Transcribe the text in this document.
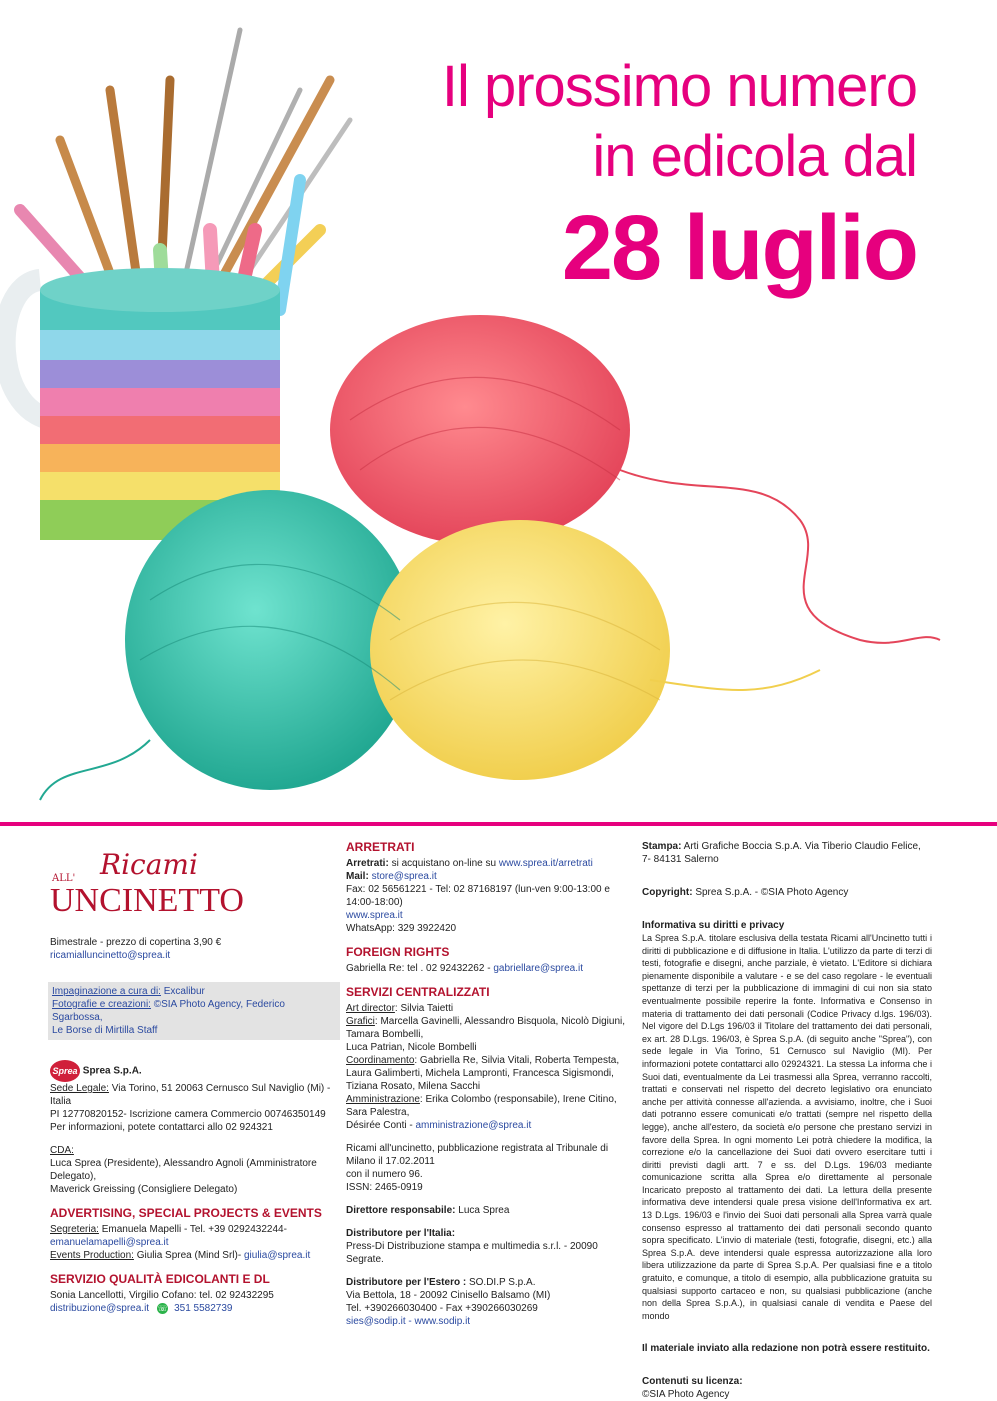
Il prossimo numero
in edicola dal
28 luglio
ALL' Ricami
UNCINETTO

Bimestrale - prezzo di copertina 3,90 €

ricamialluncinetto@sprea.it

Impaginazione a cura di: Excalibur

Fotografie e creazioni: ©SIA Photo Agency, Federico Sgarbossa,

Le Borse di Mirtilla Staff

Sprea Sprea S.p.A.

Sede Legale: Via Torino, 51 20063 Cernusco Sul Naviglio (Mi) - Italia

PI 12770820152- Iscrizione camera Commercio 00746350149

Per informazioni, potete contattarci allo 02 924321

CDA:

Luca Sprea (Presidente), Alessandro Agnoli (Amministratore Delegato),

Maverick Greissing (Consigliere Delegato)

ADVERTISING, SPECIAL PROJECTS & EVENTS

Segreteria: Emanuela Mapelli - Tel. +39 0292432244- emanuelamapelli@sprea.it

Events Production: Giulia Sprea (Mind Srl)- giulia@sprea.it

SERVIZIO QUALITÀ EDICOLANTI E DL

Sonia Lancellotti, Virgilio Cofano: tel. 02 92432295

distribuzione@sprea.it ☏ 351 5582739

ARRETRATI

Arretrati: si acquistano on-line su www.sprea.it/arretrati

Mail: store@sprea.it

Fax: 02 56561221 - Tel: 02 87168197 (lun-ven 9:00-13:00 e 14:00-18:00)

www.sprea.it

WhatsApp: 329 3922420

FOREIGN RIGHTS

Gabriella Re: tel . 02 92432262 - gabriellare@sprea.it

SERVIZI CENTRALIZZATI

Art director: Silvia Taietti

Grafici: Marcella Gavinelli, Alessandro Bisquola, Nicolò Digiuni, Tamara Bombelli,

Luca Patrian, Nicole Bombelli

Coordinamento: Gabriella Re, Silvia Vitali, Roberta Tempesta,

Laura Galimberti, Michela Lampronti, Francesca Sigismondi,

Tiziana Rosato, Milena Sacchi

Amministrazione: Erika Colombo (responsabile), Irene Citino, Sara Palestra,

Désirée Conti - amministrazione@sprea.it

Ricami all'uncinetto, pubblicazione registrata al Tribunale di Milano il 17.02.2011

con il numero 96.

ISSN: 2465-0919

Direttore responsabile: Luca Sprea

Distributore per l'Italia:

Press-Di Distribuzione stampa e multimedia s.r.l. - 20090 Segrate.

Distributore per l'Estero : SO.DI.P S.p.A.

Via Bettola, 18 - 20092 Cinisello Balsamo (MI)

Tel. +390266030400 - Fax +390266030269

sies@sodip.it - www.sodip.it

Stampa: Arti Grafiche Boccia S.p.A. Via Tiberio Claudio Felice, 7- 84131 Salerno

Copyright: Sprea S.p.A. - ©SIA Photo Agency

Informativa su diritti e privacy

La Sprea S.p.A. titolare esclusiva della testata Ricami all'Uncinetto tutti i diritti di pubblicazione e di diffusione in Italia. L'utilizzo da parte di terzi di testi, fotografie e disegni, anche parziale, è vietato. L'Editore si dichiara pienamente disponibile a valutare - e se del caso regolare - le eventuali spettanze di terzi per la pubblicazione di immagini di cui non sia stato eventualmente possibile reperire la fonte. Informativa e Consenso in materia di trattamento dei dati personali (Codice Privacy d.lgs. 196/03). Nel vigore del D.Lgs 196/03 il Titolare del trattamento dei dati personali, ex art. 28 D.Lgs. 196/03, è Sprea S.p.A. (di seguito anche "Sprea"), con sede legale in Via Torino, 51 Cernusco sul Naviglio (MI). Per informazioni potete contattarci allo 02924321. La stessa La informa che i Suoi dati, eventualmente da Lei trasmessi alla Sprea, verranno raccolti, trattati e conservati nel rispetto del decreto legislativo ora enunciato anche per attività connesse all'azienda. a avvisiamo, inoltre, che i Suoi dati potranno essere comunicati e/o trattati (sempre nel rispetto della legge), anche all'estero, da società e/o persone che prestano servizi in favore della Sprea. In ogni momento Lei potrà chiedere la modifica, la correzione e/o la cancellazione dei Suoi dati ovvero esercitare tutti i diritti previsti dagli artt. 7 e ss. del D.Lgs. 196/03 mediante comunicazione scritta alla Sprea e/o direttamente al personale Incaricato preposto al trattamento dei dati. La lettura della presente informativa deve intendersi quale presa visione dell'Informativa ex art. 13 D.Lgs. 196/03 e l'invio dei Suoi dati personali alla Sprea varrà quale consenso espresso al trattamento dei dati personali secondo quanto sopra specificato. L'invio di materiale (testi, fotografie, disegni, etc.) alla Sprea S.p.A. deve intendersi quale espressa autorizzazione alla loro libera utilizzazione da parte di Sprea S.p.A. Per qualsiasi fine e a titolo gratuito, e comunque, a titolo di esempio, alla pubblicazione gratuita su qualsiasi supporto cartaceo e non, su qualsiasi pubblicazione (anche non della Sprea S.p.A.), in qualsiasi canale di vendita e Paese del mondo

Il materiale inviato alla redazione non potrà essere restituito.

Contenuti su licenza:

©SIA Photo Agency
